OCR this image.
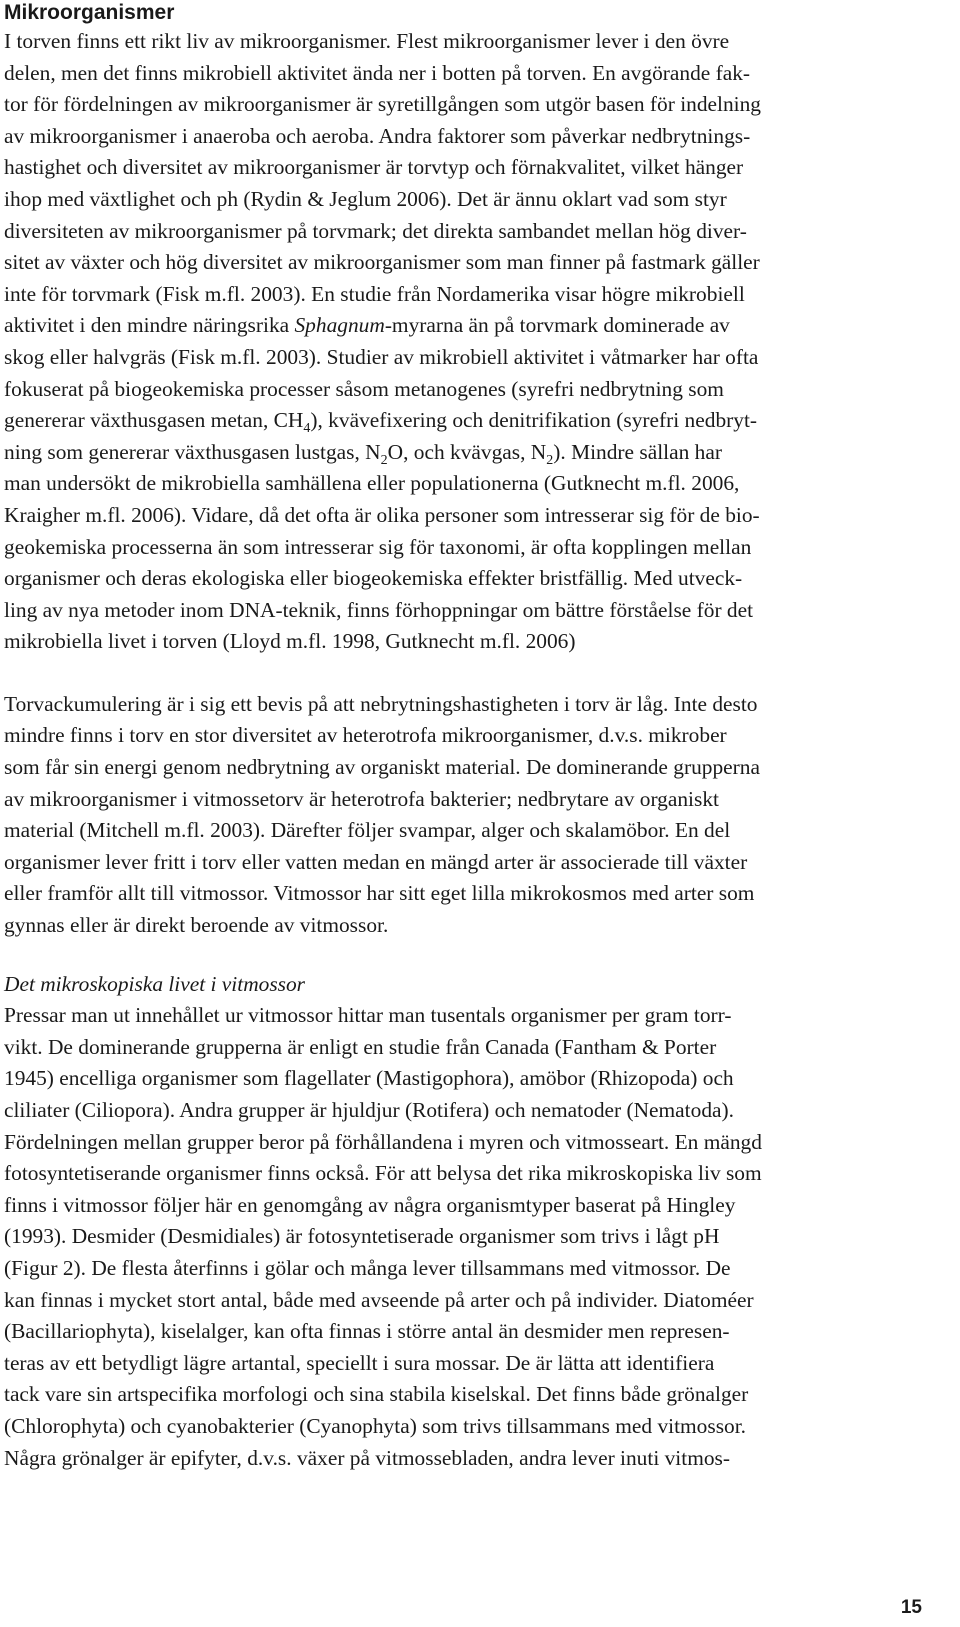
Mikroorganismer
I torven finns ett rikt liv av mikroorganismer. Flest mikroorganismer lever i den övre
delen, men det finns mikrobiell aktivitet ända ner i botten på torven. En avgörande fak-
tor för fördelningen av mikroorganismer är syretillgången som utgör basen för indelning
av mikroorganismer i anaeroba och aeroba. Andra faktorer som påverkar nedbrytnings-
hastighet och diversitet av mikroorganismer är torvtyp och förnakvalitet, vilket hänger
ihop med växtlighet och ph (Rydin & Jeglum 2006). Det är ännu oklart vad som styr
diversiteten av mikroorganismer på torvmark; det direkta sambandet mellan hög diver-
sitet av växter och hög diversitet av mikroorganismer som man finner på fastmark gäller
inte för torvmark (Fisk m.fl. 2003). En studie från Nordamerika visar högre mikrobiell
aktivitet i den mindre näringsrika Sphagnum-myrarna än på torvmark dominerade av
skog eller halvgräs (Fisk m.fl. 2003). Studier av mikrobiell aktivitet i våtmarker har ofta
fokuserat på biogeokemiska processer såsom metanogenes (syrefri nedbrytning som
genererar växthusgasen metan, $CH_4$), kvävefixering och denitrifikation (syrefri nedbryt-
ning som genererar växthusgasen lustgas, $N_2O$, och kvävgas, $N_2$). Mindre sällan har
man undersökt de mikrobiella samhällena eller populationerna (Gutknecht m.fl. 2006,
Kraigher m.fl. 2006). Vidare, då det ofta är olika personer som intresserar sig för de bio-
geokemiska processerna än som intresserar sig för taxonomi, är ofta kopplingen mellan
organismer och deras ekologiska eller biogeokemiska effekter bristfällig. Med utveck-
ling av nya metoder inom DNA-teknik, finns förhoppningar om bättre förståelse för det
mikrobiella livet i torven (Lloyd m.fl. 1998, Gutknecht m.fl. 2006)
Torvackumulering är i sig ett bevis på att nebrytningshastigheten i torv är låg. Inte desto
mindre finns i torv en stor diversitet av heterotrofa mikroorganismer, d.v.s. mikrober
som får sin energi genom nedbrytning av organiskt material. De dominerande grupperna
av mikroorganismer i vitmossetorv är heterotrofa bakterier; nedbrytare av organiskt
material (Mitchell m.fl. 2003). Därefter följer svampar, alger och skalamöbor. En del
organismer lever fritt i torv eller vatten medan en mängd arter är associerade till växter
eller framför allt till vitmossor. Vitmossor har sitt eget lilla mikrokosmos med arter som
gynnas eller är direkt beroende av vitmossor.
Det mikroskopiska livet i vitmossor
Pressar man ut innehållet ur vitmossor hittar man tusentals organismer per gram torr-
vikt. De dominerande grupperna är enligt en studie från Canada (Fantham & Porter
1945) encelliga organismer som flagellater (Mastigophora), amöbor (Rhizopoda) och
cliliater (Ciliopora). Andra grupper är hjuldjur (Rotifera) och nematoder (Nematoda).
Fördelningen mellan grupper beror på förhållandena i myren och vitmosseart. En mängd
fotosyntetiserande organismer finns också. För att belysa det rika mikroskopiska liv som
finns i vitmossor följer här en genomgång av några organismtyper baserat på Hingley
(1993). Desmider (Desmidiales) är fotosyntetiserade organismer som trivs i lågt pH
(Figur 2). De flesta återfinns i gölar och många lever tillsammans med vitmossor. De
kan finnas i mycket stort antal, både med avseende på arter och på individer. Diatoméer
(Bacillariophyta), kiselalger, kan ofta finnas i större antal än desmider men represen-
teras av ett betydligt lägre artantal, speciellt i sura mossar. De är lätta att identifiera
tack vare sin artspecifika morfologi och sina stabila kiselskal. Det finns både grönalger
(Chlorophyta) och cyanobakterier (Cyanophyta) som trivs tillsammans med vitmossor.
Några grönalger är epifyter, d.v.s. växer på vitmossebladen, andra lever inuti vitmos-
15
